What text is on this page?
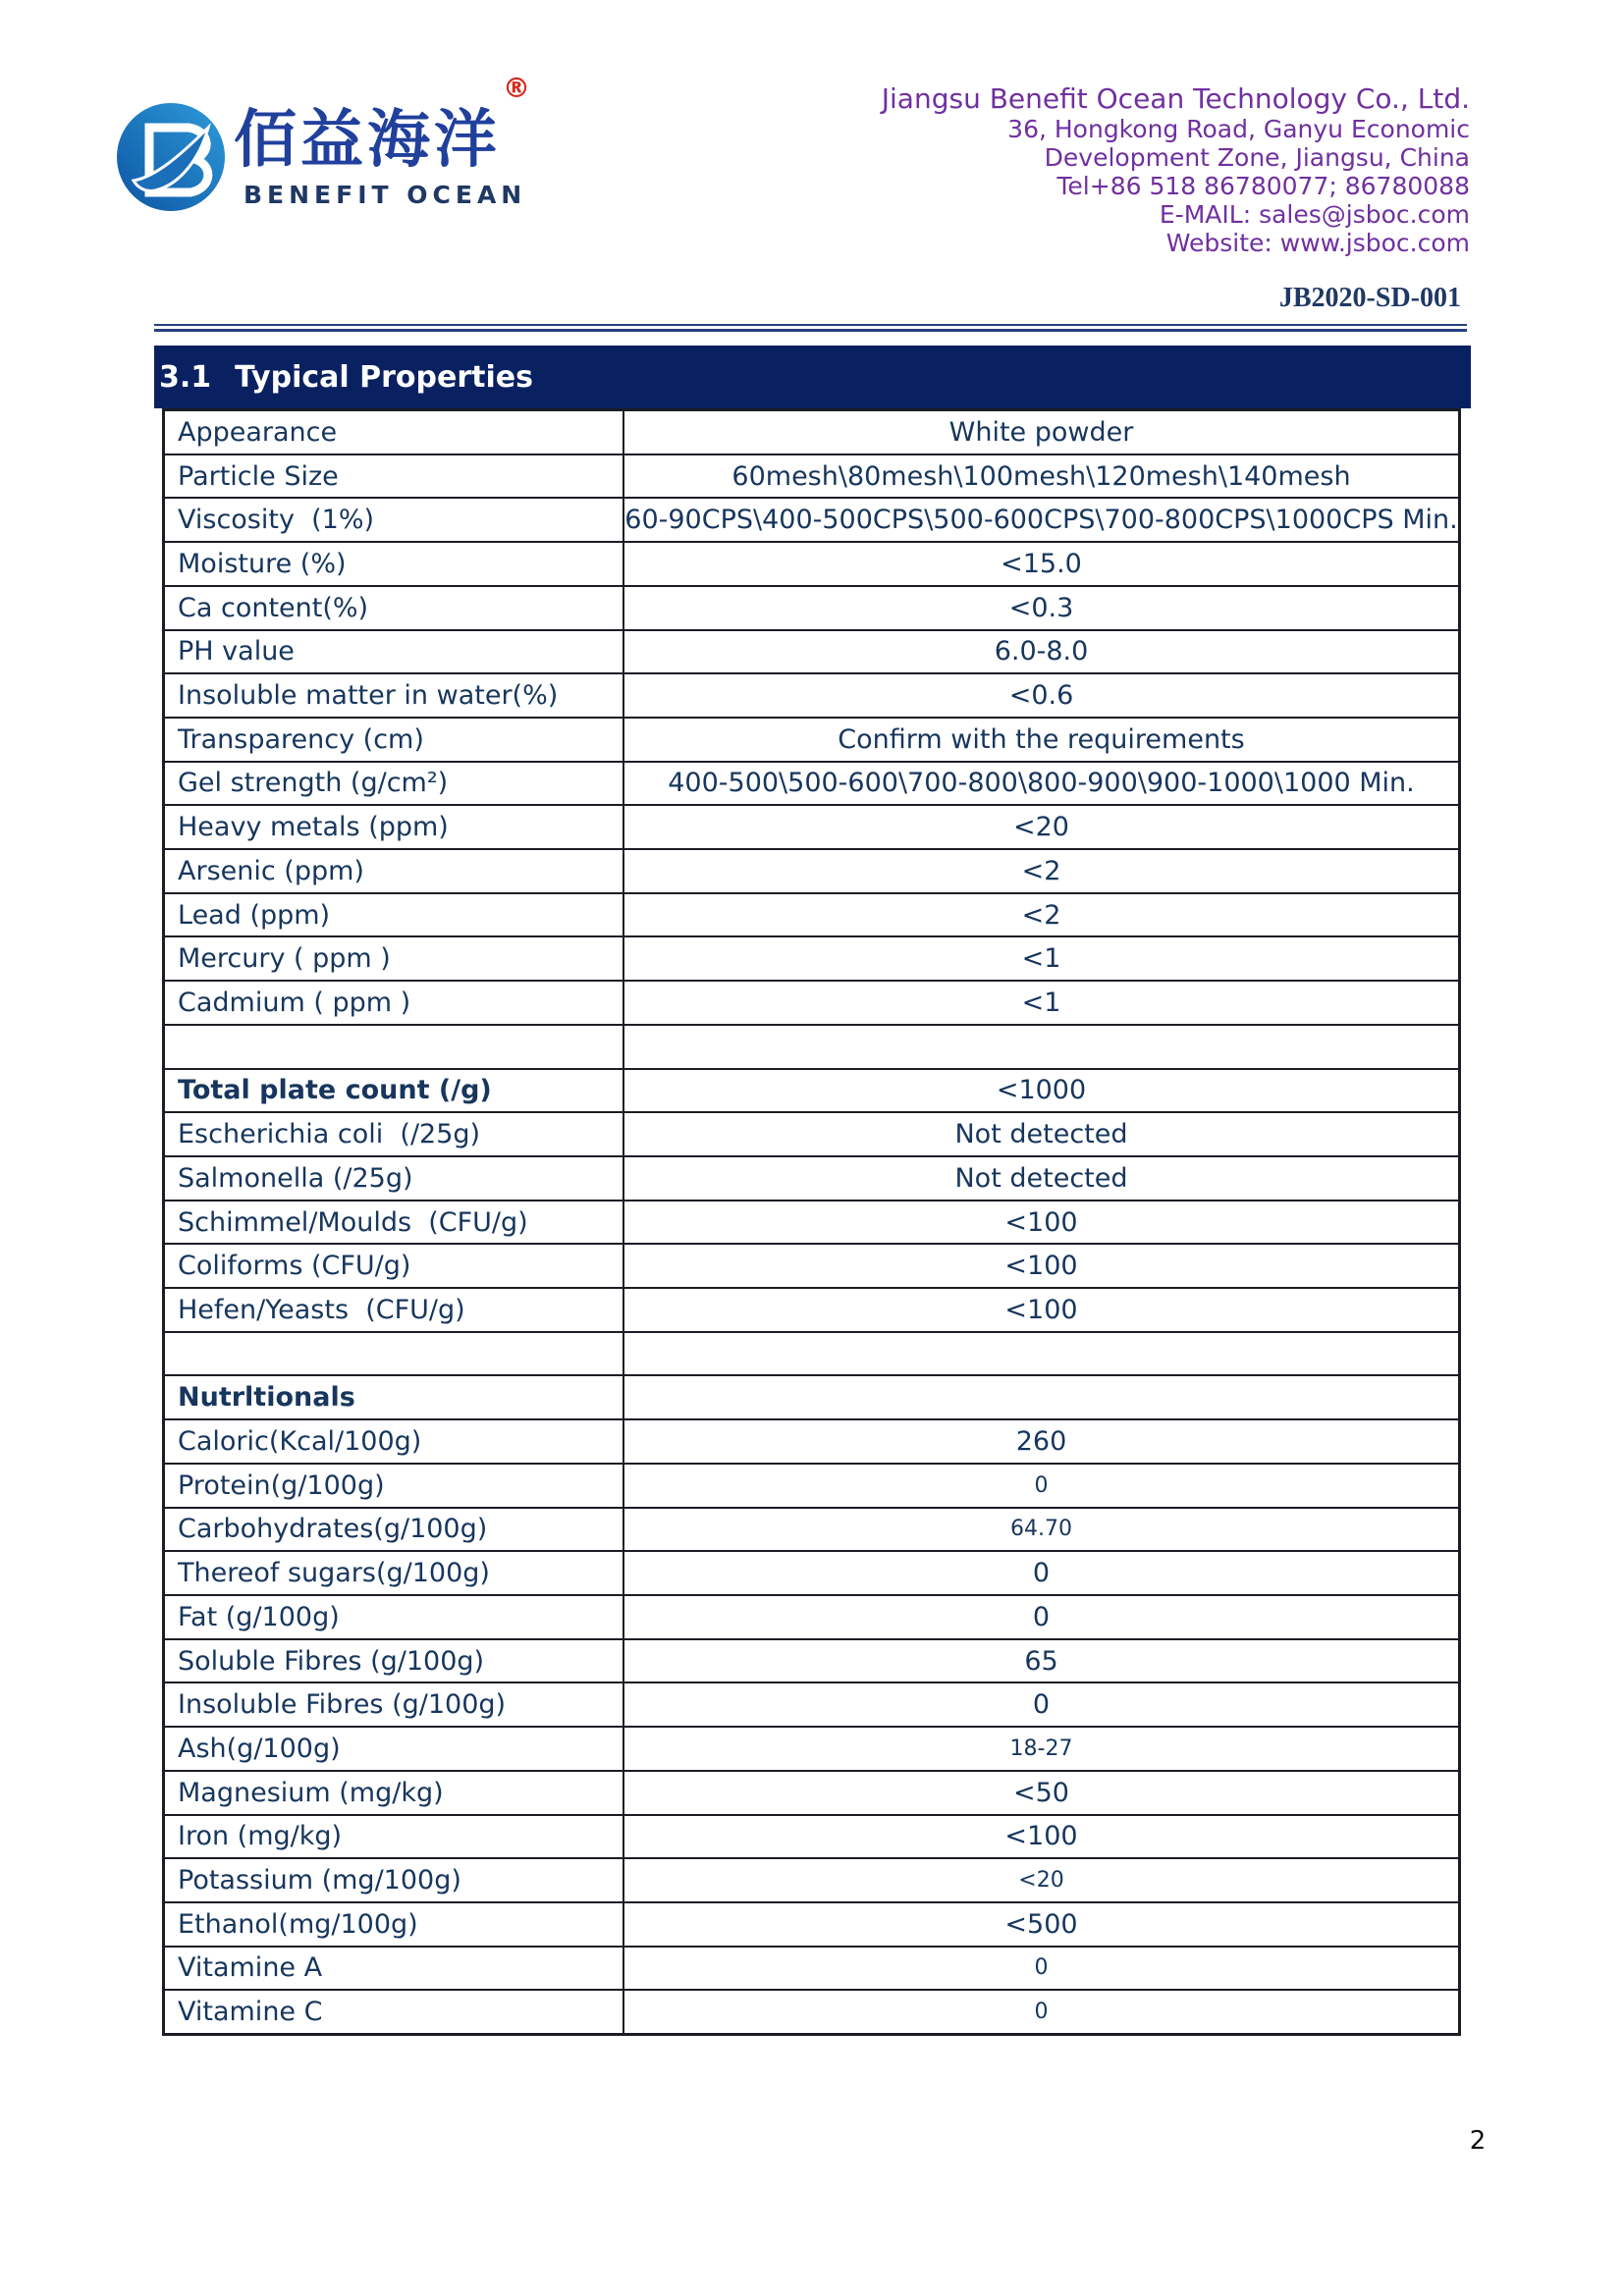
佰益海洋
®
BENEFIT OCEAN
Jiangsu Benefit Ocean Technology Co., Ltd.
36, Hongkong Road, Ganyu Economic
Development Zone, Jiangsu, China
Tel+86 518 86780077; 86780088
E-MAIL: sales@jsboc.com
Website: www.jsboc.com
JB2020-SD-001
3.1 Typical Properties
Appearance	White powder
Particle Size	60mesh\80mesh\100mesh\120mesh\140mesh
Viscosity  (1%)	60-90CPS\400-500CPS\500-600CPS\700-800CPS\1000CPS Min.
Moisture (%)	<15.0
Ca content(%)	<0.3
PH value	6.0-8.0
Insoluble matter in water(%)	<0.6
Transparency (cm)	Confirm with the requirements
Gel strength (g/cm²)	400-500\500-600\700-800\800-900\900-1000\1000 Min.
Heavy metals (ppm)	<20
Arsenic (ppm)	<2
Lead (ppm)	<2
Mercury ( ppm )	<1
Cadmium ( ppm )	<1
Total plate count (/g)	<1000
Escherichia coli  (/25g)	Not detected
Salmonella (/25g)	Not detected
Schimmel/Moulds  (CFU/g)	<100
Coliforms (CFU/g)	<100
Hefen/Yeasts  (CFU/g)	<100
Nutrltionals
Caloric(Kcal/100g)	260
Protein(g/100g)	0
Carbohydrates(g/100g)	64.70
Thereof sugars(g/100g)	0
Fat (g/100g)	0
Soluble Fibres (g/100g)	65
Insoluble Fibres (g/100g)	0
Ash(g/100g)	18-27
Magnesium (mg/kg)	<50
Iron (mg/kg)	<100
Potassium (mg/100g)	<20
Ethanol(mg/100g)	<500
Vitamine A	0
Vitamine C	0
2
